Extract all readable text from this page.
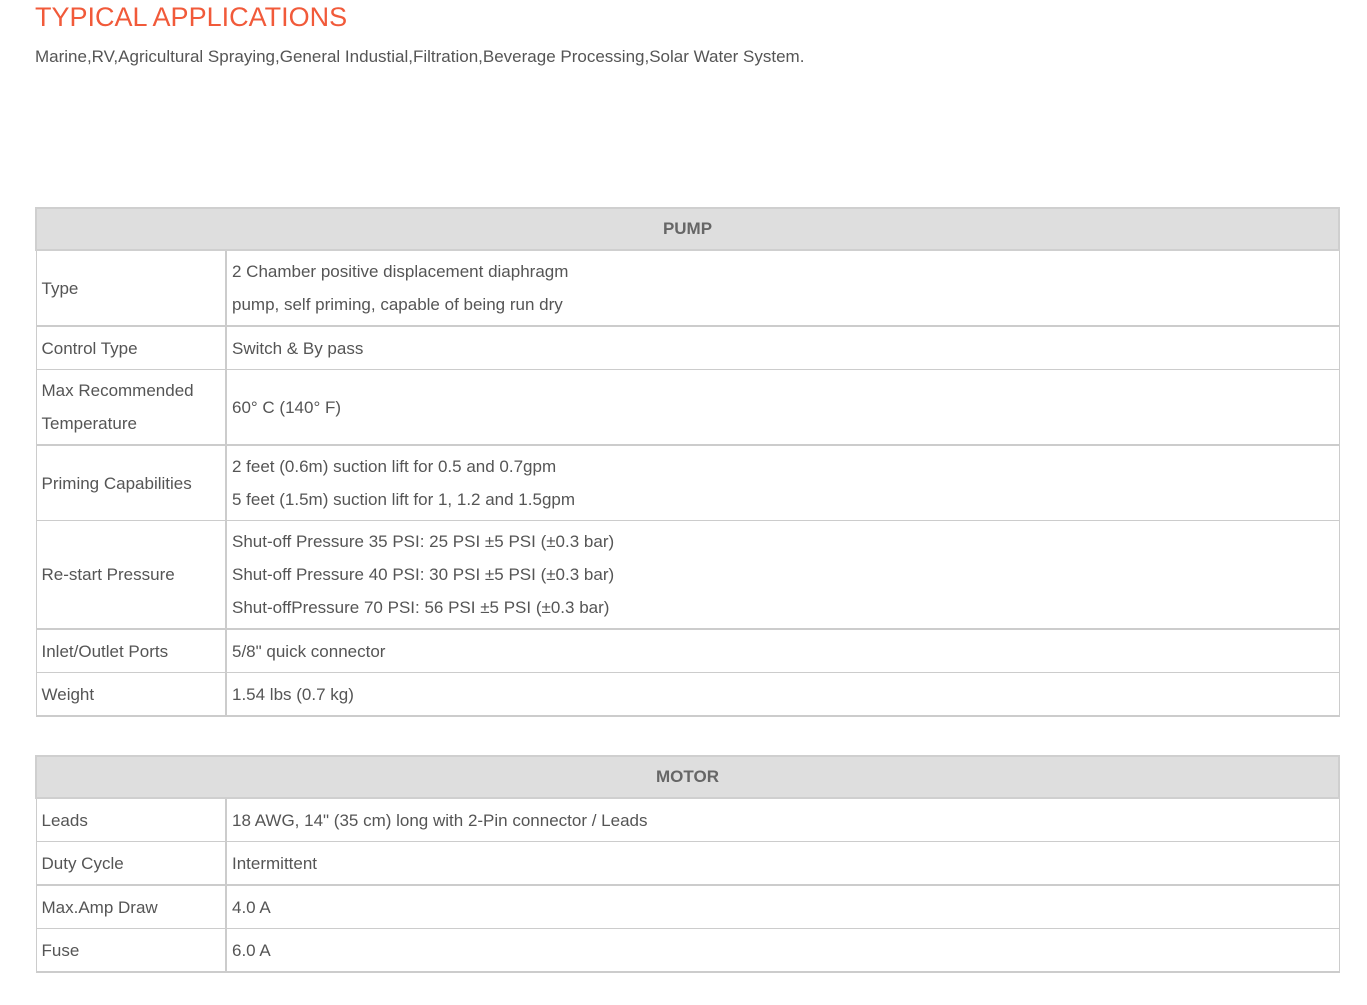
TYPICAL APPLICATIONS

Marine,RV,Agricultural Spraying,General Industial,Filtration,Beverage Processing,Solar Water System.

PUMP	
Type	2 Chamber positive displacement diaphragm
pump, self priming, capable of being run dry

Control Type	Switch & By pass

Max Recommended Temperature	60° C (140° F)

Priming Capabilities	2 feet (0.6m) suction lift for 0.5 and 0.7gpm
5 feet (1.5m) suction lift for 1, 1.2 and 1.5gpm

Re-start Pressure	Shut-off Pressure 35 PSI: 25 PSI ±5 PSI (±0.3 bar)
Shut-off Pressure 40 PSI: 30 PSI ±5 PSI (±0.3 bar)
Shut-offPressure 70 PSI: 56 PSI ±5 PSI (±0.3 bar)

Inlet/Outlet Ports	5/8" quick connector

Weight	1.54 lbs (0.7 kg)
MOTOR	
Leads	18 AWG, 14" (35 cm) long with 2-Pin connector / Leads

Duty Cycle	Intermittent

Max.Amp Draw	4.0 A

Fuse	6.0 A
